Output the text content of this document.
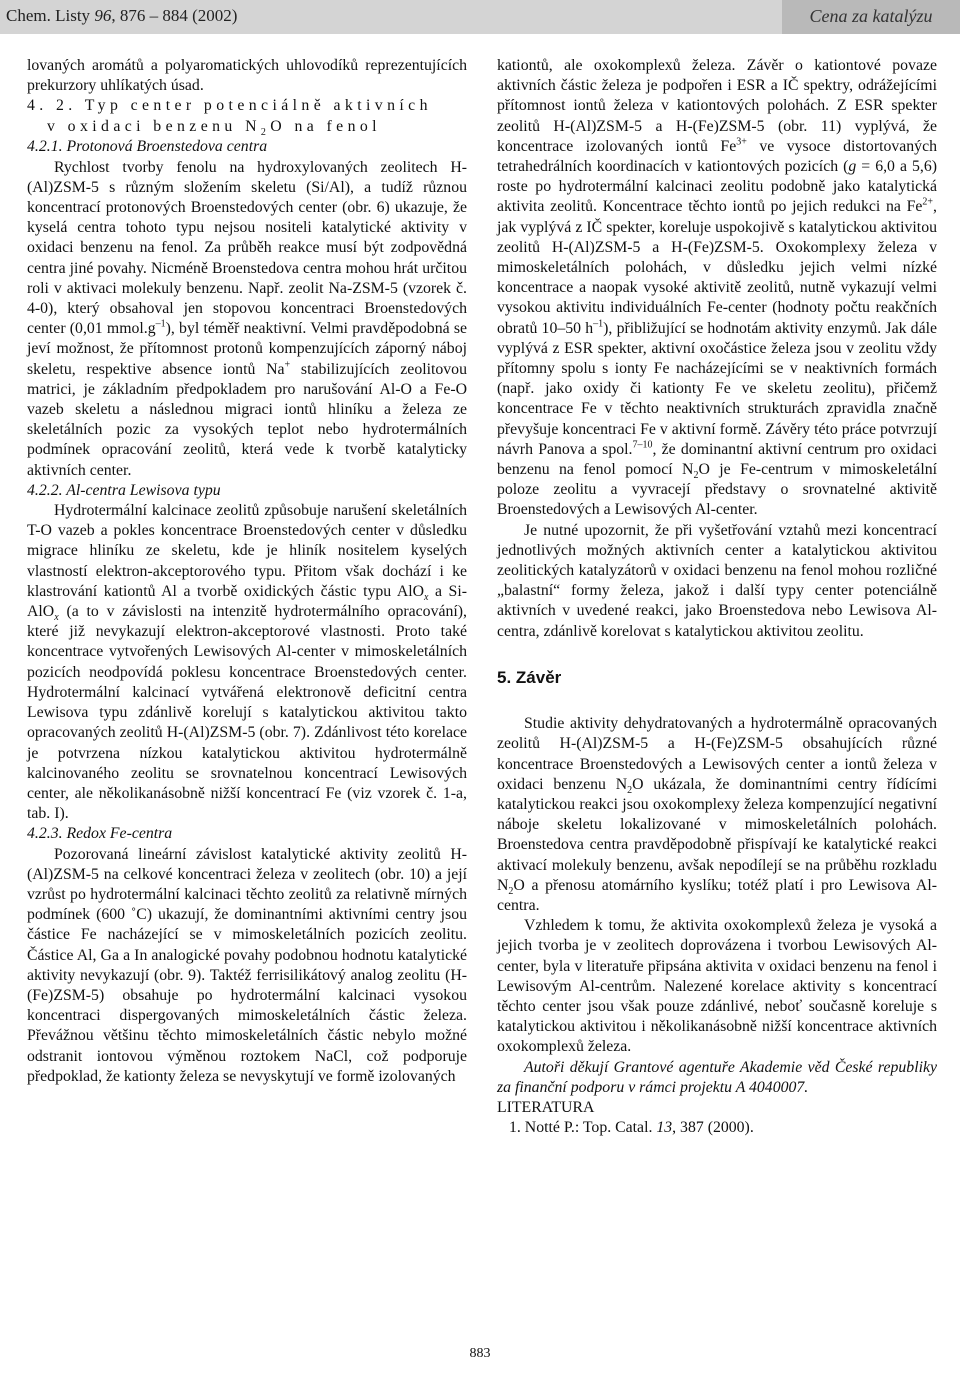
Chem. Listy 96, 876 – 884 (2002)	Cena za katalýzu

lovaných aromátů a polyaromatických uhlovodíků reprezentujících prekurzory uhlíkatých úsad.

4. 2. Typ center potenciálně aktivních
v oxidaci benzenu $N_2O$ na fenol

4.2.1. Protonová Broenstedova centra

Rychlost tvorby fenolu na hydroxylovaných zeolitech H-(Al)ZSM-5 s různým složením skeletu (Si/Al), a tudíž různou koncentrací protonových Broenstedových center (obr. 6) ukazuje, že kyselá centra tohoto typu nejsou nositeli katalytické aktivity v oxidaci benzenu na fenol. Za průběh reakce musí být zodpovědná centra jiné povahy. Nicméně Broenstedova centra mohou hrát určitou roli v aktivaci molekuly benzenu. Např. zeolit Na-ZSM-5 (vzorek č. 4-0), který obsahoval jen stopovou koncentraci Broenstedových center (0,01 $mmol.g^{-1}$), byl téměř neaktivní. Velmi pravděpodobná se jeví možnost, že přítomnost protonů kompenzujících záporný náboj skeletu, respektive absence iontů Na+ stabilizujících zeolitovou matrici, je základním předpokladem pro narušování Al-O a Fe-O vazeb skeletu a následnou migraci iontů hliníku a železa ze skeletálních pozic za vysokých teplot nebo hydrotermálních podmínek opracování zeolitů, která vede k tvorbě katalyticky aktivních center.

4.2.2. Al-centra Lewisova typu

Hydrotermální kalcinace zeolitů způsobuje narušení skeletálních T-O vazeb a pokles koncentrace Broenstedových center v důsledku migrace hliníku ze skeletu, kde je hliník nositelem kyselých vlastností elektron-akceptorového typu. Přitom však dochází i ke klastrování kationtů Al a tvorbě oxidických částic typu AlO$_x$ a Si-AlO$_x$ (a to v závislosti na intenzitě hydrotermálního opracování), které již nevykazují elektron-akceptorové vlastnosti. Proto také koncentrace vytvořených Lewisových Al-center v mimoskeletálních pozicích neodpovídá poklesu koncentrace Broenstedových center. Hydrotermální kalcinací vytvářená elektronově deficitní centra Lewisova typu zdánlivě korelují s katalytickou aktivitou takto opracovaných zeolitů H-(Al)ZSM-5 (obr. 7). Zdánlivost této korelace je potvrzena nízkou katalytickou aktivitou hydrotermálně kalcinovaného zeolitu se srovnatelnou koncentrací Lewisových center, ale několikanásobně nižší koncentrací Fe (viz vzorek č. 1-a, tab. I).

4.2.3. Redox Fe-centra

Pozorovaná lineární závislost katalytické aktivity zeolitů H-(Al)ZSM-5 na celkové koncentraci železa v zeolitech (obr. 10) a její vzrůst po hydrotermální kalcinaci těchto zeolitů za relativně mírných podmínek (600 ˚C) ukazují, že dominantními aktivními centry jsou částice Fe nacházející se v mimoskeletálních pozicích zeolitu. Částice Al, Ga a In analogické povahy podobnou hodnotu katalytické aktivity nevykazují (obr. 9). Taktéž ferrisilikátový analog zeolitu (H-(Fe)ZSM-5) obsahuje po hydrotermální kalcinaci vysokou koncentraci dispergovaných mimoskeletálních částic železa. Převážnou většinu těchto mimoskeletálních částic nebylo možné odstranit iontovou výměnou roztokem NaCl, což podporuje předpoklad, že kationty železa se nevyskytují ve formě izolovaných

kationtů, ale oxokomplexů železa. Závěr o kationtové povaze aktivních částic železa je podpořen i ESR a IČ spektry, odrážejícími přítomnost iontů železa v kationtových polohách. Z ESR spekter zeolitů H-(Al)ZSM-5 a H-(Fe)ZSM-5 (obr. 11) vyplývá, že koncentrace izolovaných iontů $Fe^{3+}$ ve vysoce distortovaných tetrahedrálních koordinacích v kationtových pozicích (g = 6,0 a 5,6) roste po hydrotermální kalcinaci zeolitu podobně jako katalytická aktivita zeolitů. Koncentrace těchto iontů po jejich redukci na $Fe^{2+}$, jak vyplývá z IČ spekter, koreluje uspokojivě s katalytickou aktivitou zeolitů H-(Al)ZSM-5 a H-(Fe)ZSM-5. Oxokomplexy železa v mimoskeletálních polohách, v důsledku jejich velmi nízké koncentrace a naopak vysoké aktivitě zeolitů, nutně vykazují velmi vysokou aktivitu individuálních Fe-center (hodnoty počtu reakčních obratů 10–50 $h^{-1}$), přibližující se hodnotám aktivity enzymů. Jak dále vyplývá z ESR spekter, aktivní oxočástice železa jsou v zeolitu vždy přítomny spolu s ionty Fe nacházejícími se v neaktivních formách (např. jako oxidy či kationty Fe ve skeletu zeolitu), přičemž koncentrace Fe v těchto neaktivních strukturách zpravidla značně převyšuje koncentraci Fe v aktivní formě. Závěry této práce potvrzují návrh Panova a spol.$^{7-10}$, že dominantní aktivní centrum pro oxidaci benzenu na fenol pomocí $N_2O$ je Fe-centrum v mimoskeletální poloze zeolitu a vyvracejí představy o srovnatelné aktivitě Broenstedových a Lewisových Al-center.

Je nutné upozornit, že při vyšetřování vztahů mezi koncentrací jednotlivých možných aktivních center a katalytickou aktivitou zeolitických katalyzátorů v oxidaci benzenu na fenol mohou rozličné „balastní“ formy železa, jakož i další typy center potenciálně aktivních v uvedené reakci, jako Broenstedova nebo Lewisova Al-centra, zdánlivě korelovat s katalytickou aktivitou zeolitu.

5. Závěr

Studie aktivity dehydratovaných a hydrotermálně opracovaných zeolitů H-(Al)ZSM-5 a H-(Fe)ZSM-5 obsahujících různé koncentrace Broenstedových a Lewisových center a iontů železa v oxidaci benzenu $N_2O$ ukázala, že dominantními centry řídícími katalytickou reakci jsou oxokomplexy železa kompenzující negativní náboje skeletu lokalizované v mimoskeletálních polohách. Broenstedova centra pravděpodobně přispívají ke katalytické reakci aktivací molekuly benzenu, avšak nepodílejí se na průběhu rozkladu $N_2O$ a přenosu atomárního kyslíku; totéž platí i pro Lewisova Al-centra.

Vzhledem k tomu, že aktivita oxokomplexů železa je vysoká a jejich tvorba je v zeolitech doprovázena i tvorbou Lewisových Al-center, byla v literatuře připsána aktivita v oxidaci benzenu na fenol i Lewisovým Al-centrům. Nalezené korelace aktivity s koncentrací těchto center jsou však pouze zdánlivé, neboť současně koreluje s katalytickou aktivitou i několikanásobně nižší koncentrace aktivních oxokomplexů železa.

Autoři děkují Grantové agentuře Akademie věd České republiky za finanční podporu v rámci projektu A 4040007.

LITERATURA

1. Notté P.: Top. Catal. 13, 387 (2000).

883
